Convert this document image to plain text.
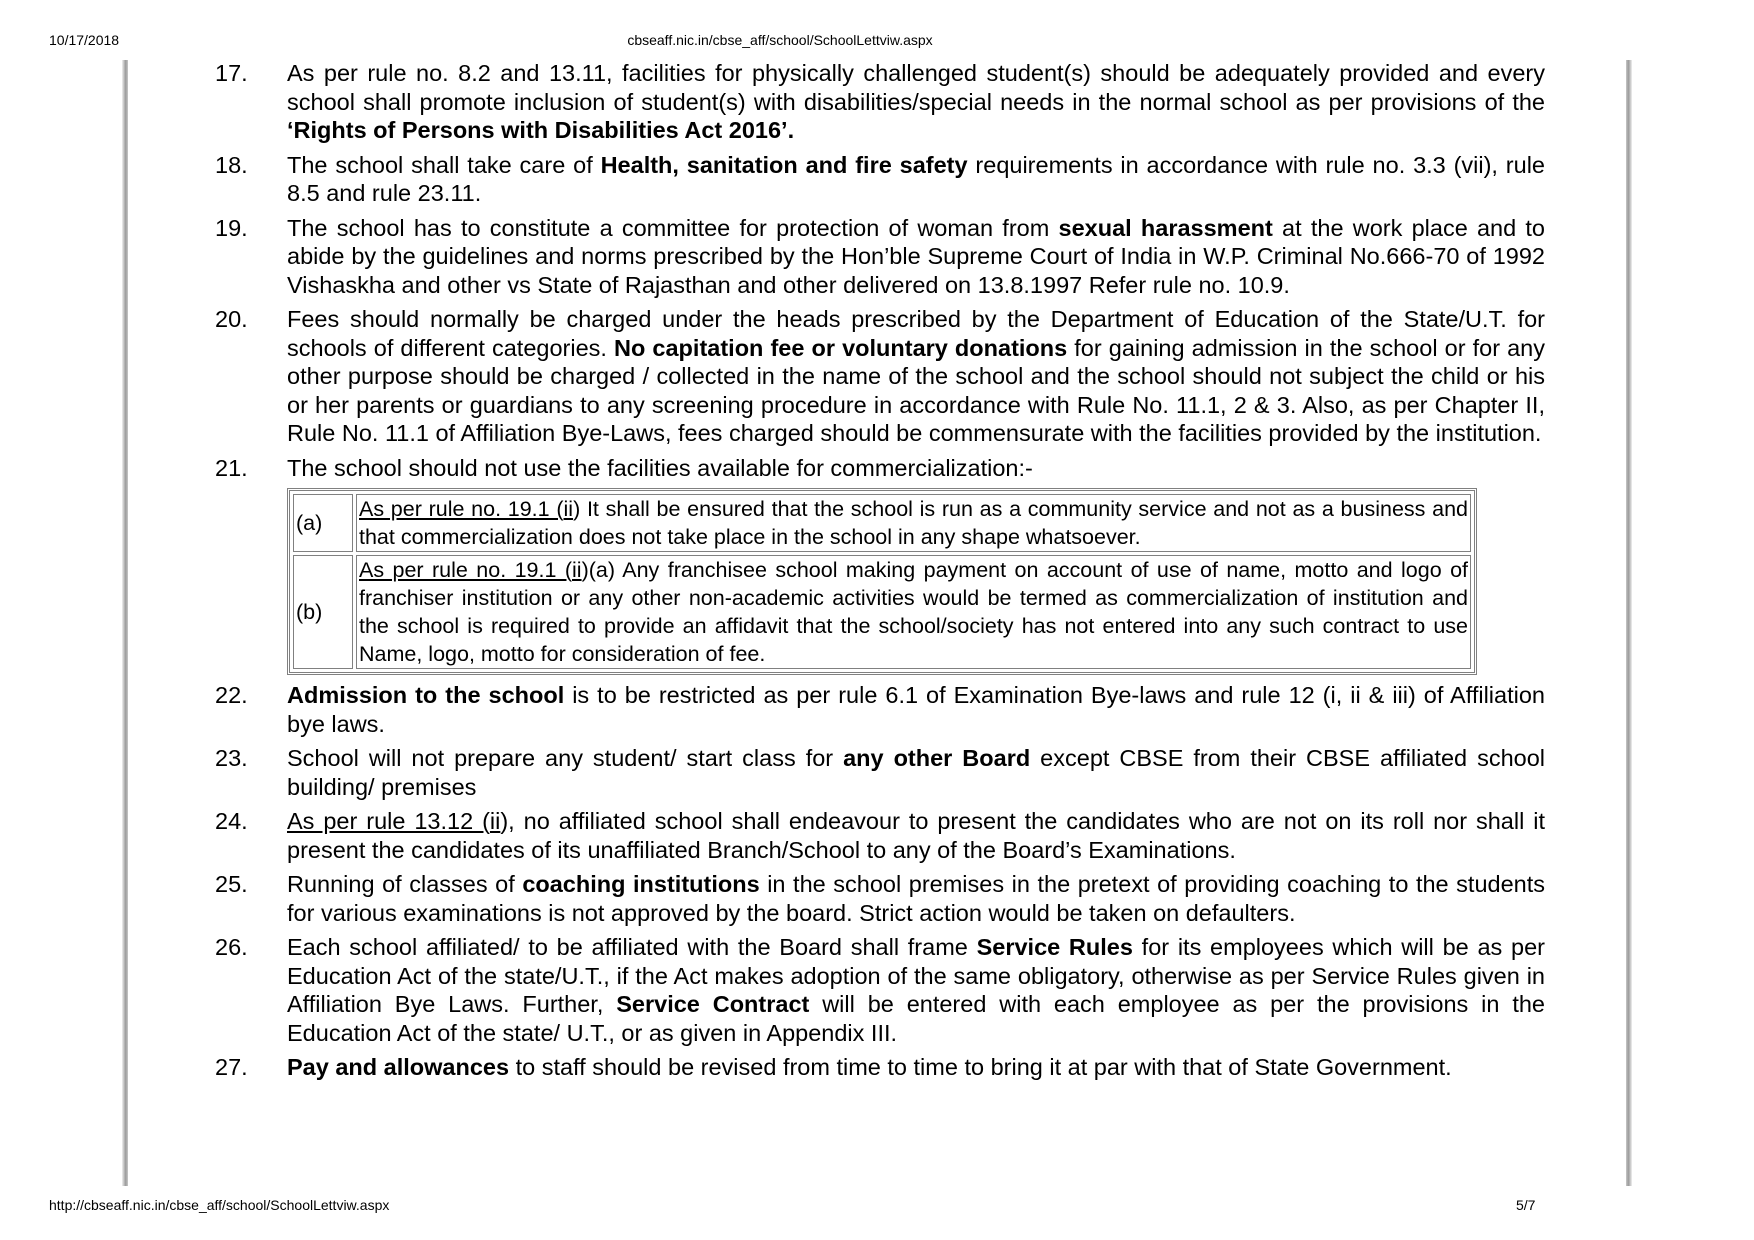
10/17/2018	cbseaff.nic.in/cbse_aff/school/SchoolLettviw.aspx
17.	As per rule no. 8.2 and 13.11, facilities for physically challenged student(s) should be adequately provided and every school shall promote inclusion of student(s) with disabilities/special needs in the normal school as per provisions of the ‘Rights of Persons with Disabilities Act 2016’.
18.	The school shall take care of Health, sanitation and fire safety requirements in accordance with rule no. 3.3 (vii), rule 8.5 and rule 23.11.
19.	The school has to constitute a committee for protection of woman from sexual harassment at the work place and to abide by the guidelines and norms prescribed by the Hon’ble Supreme Court of India in W.P. Criminal No.666-70 of 1992 Vishaskha and other vs State of Rajasthan and other delivered on 13.8.1997 Refer rule no. 10.9.
20.	Fees should normally be charged under the heads prescribed by the Department of Education of the State/U.T. for schools of different categories. No capitation fee or voluntary donations for gaining admission in the school or for any other purpose should be charged / collected in the name of the school and the school should not subject the child or his or her parents or guardians to any screening procedure in accordance with Rule No. 11.1, 2 & 3. Also, as per Chapter II, Rule No. 11.1 of Affiliation Bye-Laws, fees charged should be commensurate with the facilities provided by the institution.
21.	The school should not use the facilities available for commercialization:-
(a)	As per rule no. 19.1 (ii) It shall be ensured that the school is run as a community service and not as a business and that commercialization does not take place in the school in any shape whatsoever.
(b)	As per rule no. 19.1 (ii)(a) Any franchisee school making payment on account of use of name, motto and logo of franchiser institution or any other non-academic activities would be termed as commercialization of institution and the school is required to provide an affidavit that the school/society has not entered into any such contract to use Name, logo, motto for consideration of fee.
22.	Admission to the school is to be restricted as per rule 6.1 of Examination Bye-laws and rule 12 (i, ii & iii) of Affiliation bye laws.
23.	School will not prepare any student/ start class for any other Board except CBSE from their CBSE affiliated school building/ premises
24.	As per rule 13.12 (ii), no affiliated school shall endeavour to present the candidates who are not on its roll nor shall it present the candidates of its unaffiliated Branch/School to any of the Board’s Examinations.
25.	Running of classes of coaching institutions in the school premises in the pretext of providing coaching to the students for various examinations is not approved by the board. Strict action would be taken on defaulters.
26.	Each school affiliated/ to be affiliated with the Board shall frame Service Rules for its employees which will be as per Education Act of the state/U.T., if the Act makes adoption of the same obligatory, otherwise as per Service Rules given in Affiliation Bye Laws. Further, Service Contract will be entered with each employee as per the provisions in the Education Act of the state/ U.T., or as given in Appendix III.
27.	Pay and allowances to staff should be revised from time to time to bring it at par with that of State Government.
http://cbseaff.nic.in/cbse_aff/school/SchoolLettviw.aspx	5/7
